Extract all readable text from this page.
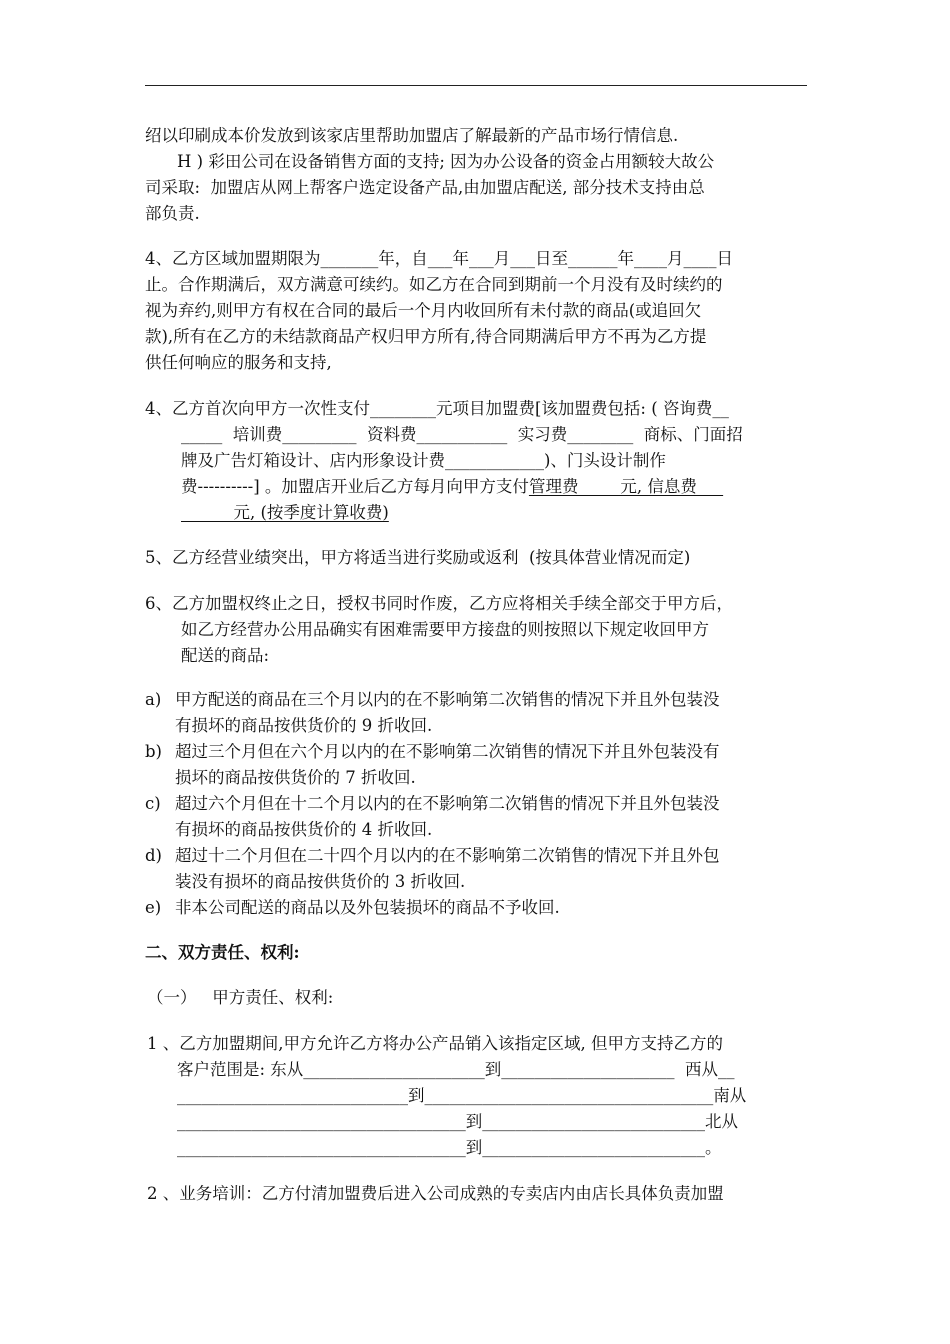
绍以印刷成本价发放到该家店里帮助加盟店了解最新的产品市场行情信息.
H ) 彩田公司在设备销售方面的支持; 因为办公设备的资金占用额较大故公
司采取:  加盟店从网上帮客户选定设备产品,由加盟店配送, 部分技术支持由总
部负责.
4、乙方区域加盟期限为_______年，自___年___月___日至______年____月____日
止。合作期满后，双方满意可续约。如乙方在合同到期前一个月没有及时续约的
视为弃约,则甲方有权在合同的最后一个月内收回所有未付款的商品(或追回欠
款),所有在乙方的未结款商品产权归甲方所有,待合同期满后甲方不再为乙方提
供任何响应的服务和支持,
4、乙方首次向甲方一次性支付________元项目加盟费[该加盟费包括: ( 咨询费__
_____  培训费_________  资料费___________  实习费________  商标、门面招
牌及广告灯箱设计、店内形象设计费____________)、门头设计制作
费----------] 。加盟店开业后乙方每月向甲方支付管理费        元, 信息费
元, (按季度计算收费)
5、乙方经营业绩突出，甲方将适当进行奖励或返利  (按具体营业情况而定)
6、乙方加盟权终止之日，授权书同时作废，乙方应将相关手续全部交于甲方后，
如乙方经营办公用品确实有困难需要甲方接盘的则按照以下规定收回甲方
配送的商品:
a) 甲方配送的商品在三个月以内的在不影响第二次销售的情况下并且外包装没
有损坏的商品按供货价的 9 折收回.
b) 超过三个月但在六个月以内的在不影响第二次销售的情况下并且外包装没有
损坏的商品按供货价的 7 折收回.
c) 超过六个月但在十二个月以内的在不影响第二次销售的情况下并且外包装没
有损坏的商品按供货价的 4 折收回.
d) 超过十二个月但在二十四个月以内的在不影响第二次销售的情况下并且外包
装没有损坏的商品按供货价的 3 折收回.
e) 非本公司配送的商品以及外包装损坏的商品不予收回.
二、双方责任、权利:
（一）   甲方责任、权利:
1 、乙方加盟期间,甲方允许乙方将办公产品销入该指定区域, 但甲方支持乙方的
客户范围是: 东从______________________到_____________________  西从__
____________________________到___________________________________南从
___________________________________到___________________________北从
___________________________________到___________________________。
2 、业务培训：乙方付清加盟费后进入公司成熟的专卖店内由店长具体负责加盟
